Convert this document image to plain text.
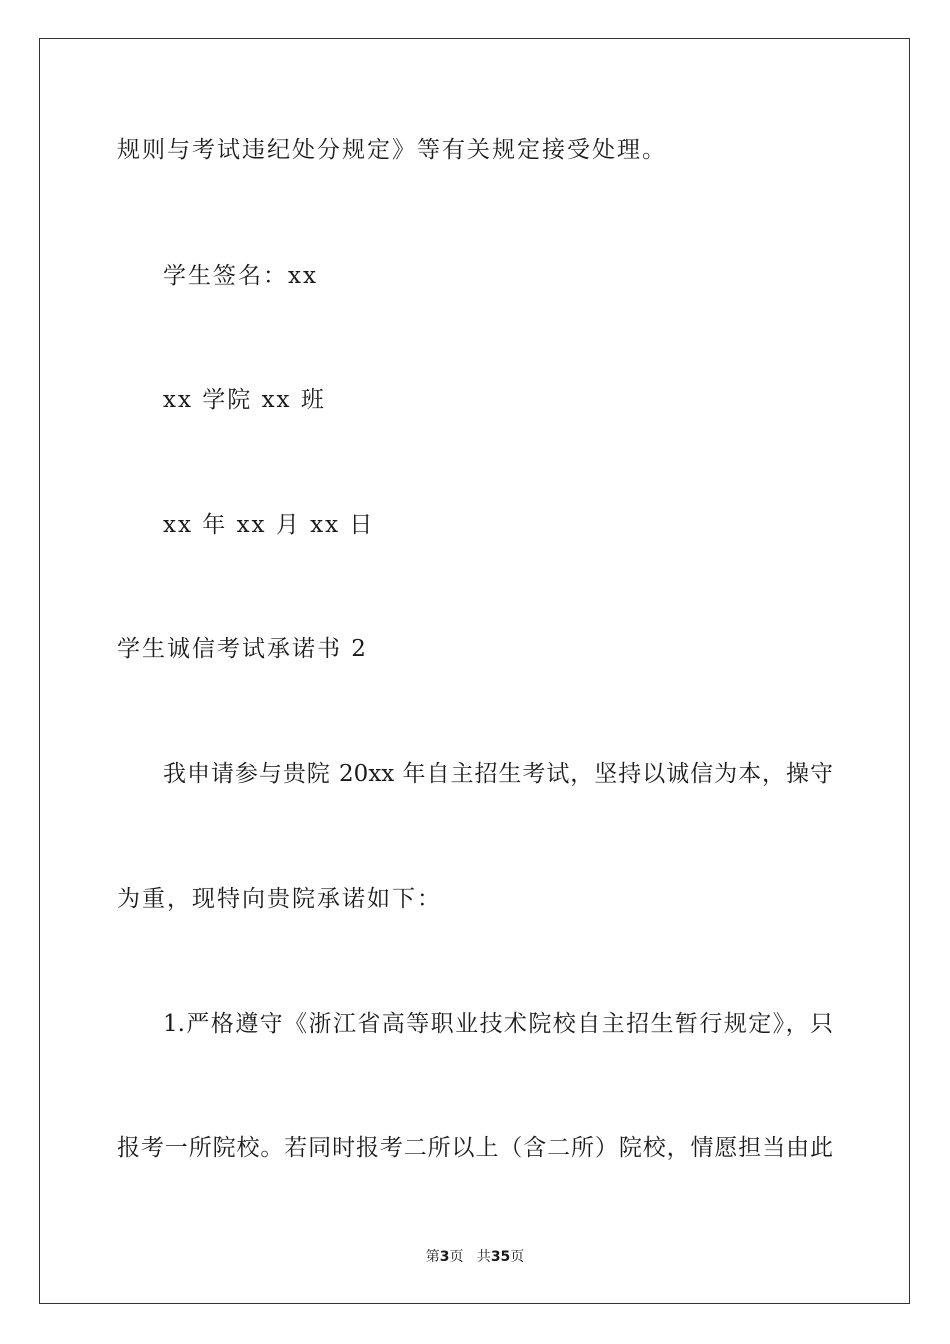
规则与考试违纪处分规定》等有关规定接受处理。
学生签名：xx
xx 学院 xx 班
xx 年 xx 月 xx 日
学生诚信考试承诺书 2
我申请参与贵院 20xx 年自主招生考试，坚持以诚信为本，操守
为重，现特向贵院承诺如下：
1.严格遵守《浙江省高等职业技术院校自主招生暂行规定》，只
报考一所院校。若同时报考二所以上（含二所）院校，情愿担当由此
第3页 共35页
